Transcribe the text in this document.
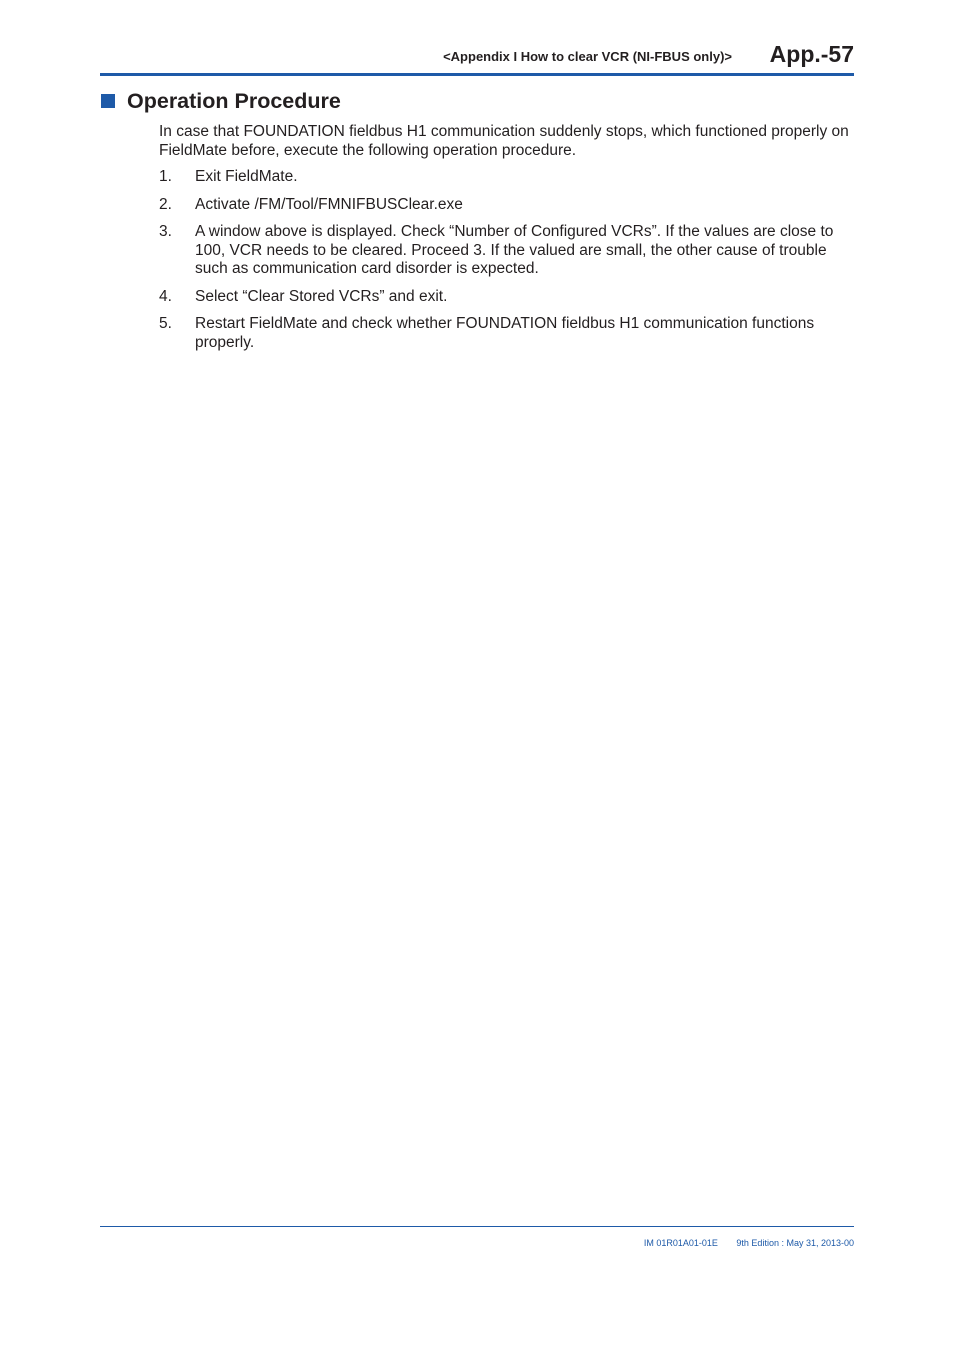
<Appendix I How to clear VCR (NI-FBUS only)> App.-57
Operation Procedure

In case that FOUNDATION fieldbus H1 communication suddenly stops, which functioned properly on FieldMate before, execute the following operation procedure.

1.	Exit FieldMate.
2.	Activate /FM/Tool/FMNIFBUSClear.exe
3.	A window above is displayed. Check “Number of Configured VCRs”. If the values are close to 100, VCR needs to be cleared. Proceed 3. If the valued are small, the other cause of trouble such as communication card disorder is expected.
4.	Select “Clear Stored VCRs” and exit.
5.	Restart FieldMate and check whether FOUNDATION fieldbus H1 communication functions properly.
IM 01R01A01-01E 9th Edition : May 31, 2013-00
